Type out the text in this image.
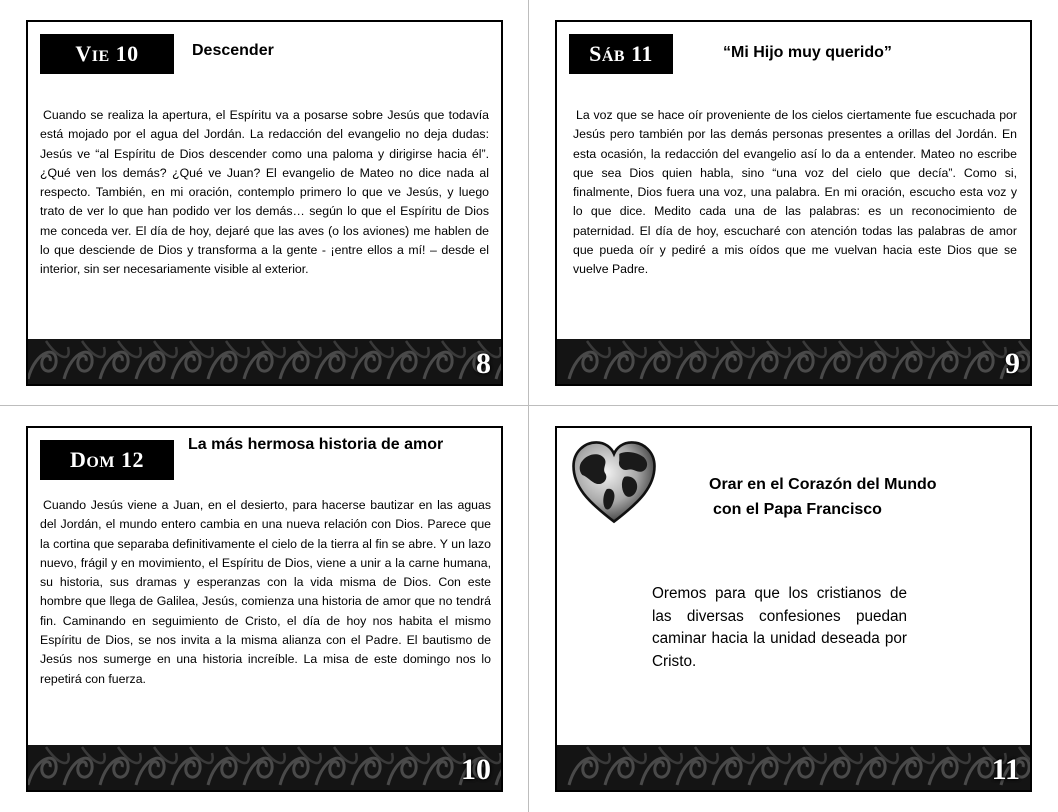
VIE 10	Descender
Cuando se realiza la apertura, el Espíritu va a posarse sobre Jesús que todavía está mojado por el agua del Jordán. La redacción del evangelio no deja dudas: Jesús ve “al Espíritu de Dios descender como una paloma y dirigirse hacia él”. ¿Qué ven los demás? ¿Qué ve Juan? El evangelio de Mateo no dice nada al respecto. También, en mi oración, contemplo primero lo que ve Jesús, y luego trato de ver lo que han podido ver los demás… según lo que el Espíritu de Dios me conceda ver. El día de hoy, dejaré que las aves (o los aviones) me hablen de lo que desciende de Dios y transforma a la gente - ¡entre ellos a mí! – desde el interior, sin ser necesariamente visible al exterior.
8
SÁB 11	“Mi Hijo muy querido”
La voz que se hace oír proveniente de los cielos ciertamente fue escuchada por Jesús pero también por las demás personas presentes a orillas del Jordán. En esta ocasión, la redacción del evangelio así lo da a entender. Mateo no escribe que sea Dios quien habla, sino “una voz del cielo que decía”. Como si, finalmente, Dios fuera una voz, una palabra. En mi oración, escucho esta voz y lo que dice. Medito cada una de las palabras: es un reconocimiento de paternidad. El día de hoy, escucharé con atención todas las palabras de amor que pueda oír y pediré a mis oídos que me vuelvan hacia este Dios que se vuelve Padre.
9
DOM 12
La más hermosa historia de amor
Cuando Jesús viene a Juan, en el desierto, para hacerse bautizar en las aguas del Jordán, el mundo entero cambia en una nueva relación con Dios. Parece que la cortina que separaba definitivamente el cielo de la tierra al fin se abre. Y un lazo nuevo, frágil y en movimiento, el Espíritu de Dios, viene a unir a la carne humana, su historia, sus dramas y esperanzas con la vida misma de Dios. Con este hombre que llega de Galilea, Jesús, comienza una historia de amor que no tendrá fin. Caminando en seguimiento de Cristo, el día de hoy nos habita el mismo Espíritu de Dios, se nos invita a la misma alianza con el Padre. El bautismo de Jesús nos sumerge en una historia increíble. La misa de este domingo nos lo repetirá con fuerza.
10
Orar en el Corazón del Mundo
con el Papa Francisco
Oremos para que los cristianos de las diversas confesiones puedan caminar hacia la unidad deseada por Cristo.
11
